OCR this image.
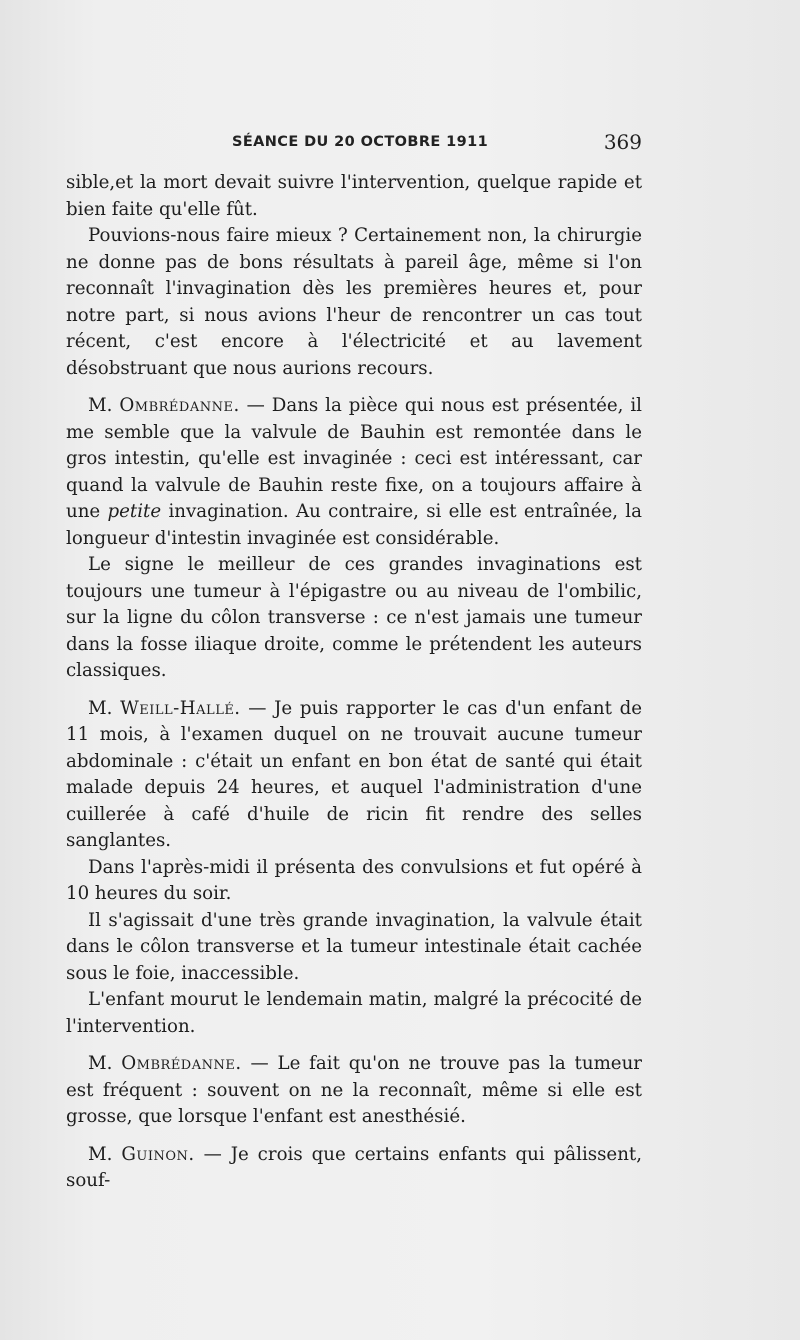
SÉANCE DU 20 OCTOBRE 1911	369

sible,et la mort devait suivre l'intervention, quelque rapide et bien faite qu'elle fût.

Pouvions-nous faire mieux ? Certainement non, la chirurgie ne donne pas de bons résultats à pareil âge, même si l'on reconnaît l'invagination dès les premières heures et, pour notre part, si nous avions l'heur de rencontrer un cas tout récent, c'est encore à l'électricité et au lavement désobstruant que nous aurions recours.

M. Ombrédanne. — Dans la pièce qui nous est présentée, il me semble que la valvule de Bauhin est remontée dans le gros intestin, qu'elle est invaginée : ceci est intéressant, car quand la valvule de Bauhin reste fixe, on a toujours affaire à une petite invagination. Au contraire, si elle est entraînée, la longueur d'intestin invaginée est considérable.

Le signe le meilleur de ces grandes invaginations est toujours une tumeur à l'épigastre ou au niveau de l'ombilic, sur la ligne du côlon transverse : ce n'est jamais une tumeur dans la fosse iliaque droite, comme le prétendent les auteurs classiques.

M. Weill-Hallé. — Je puis rapporter le cas d'un enfant de 11 mois, à l'examen duquel on ne trouvait aucune tumeur abdominale : c'était un enfant en bon état de santé qui était malade depuis 24 heures, et auquel l'administration d'une cuillerée à café d'huile de ricin fit rendre des selles sanglantes.

Dans l'après-midi il présenta des convulsions et fut opéré à 10 heures du soir.

Il s'agissait d'une très grande invagination, la valvule était dans le côlon transverse et la tumeur intestinale était cachée sous le foie, inaccessible.

L'enfant mourut le lendemain matin, malgré la précocité de l'intervention.

M. Ombrédanne. — Le fait qu'on ne trouve pas la tumeur est fréquent : souvent on ne la reconnaît, même si elle est grosse, que lorsque l'enfant est anesthésié.

M. Guinon. — Je crois que certains enfants qui pâlissent, souf-
